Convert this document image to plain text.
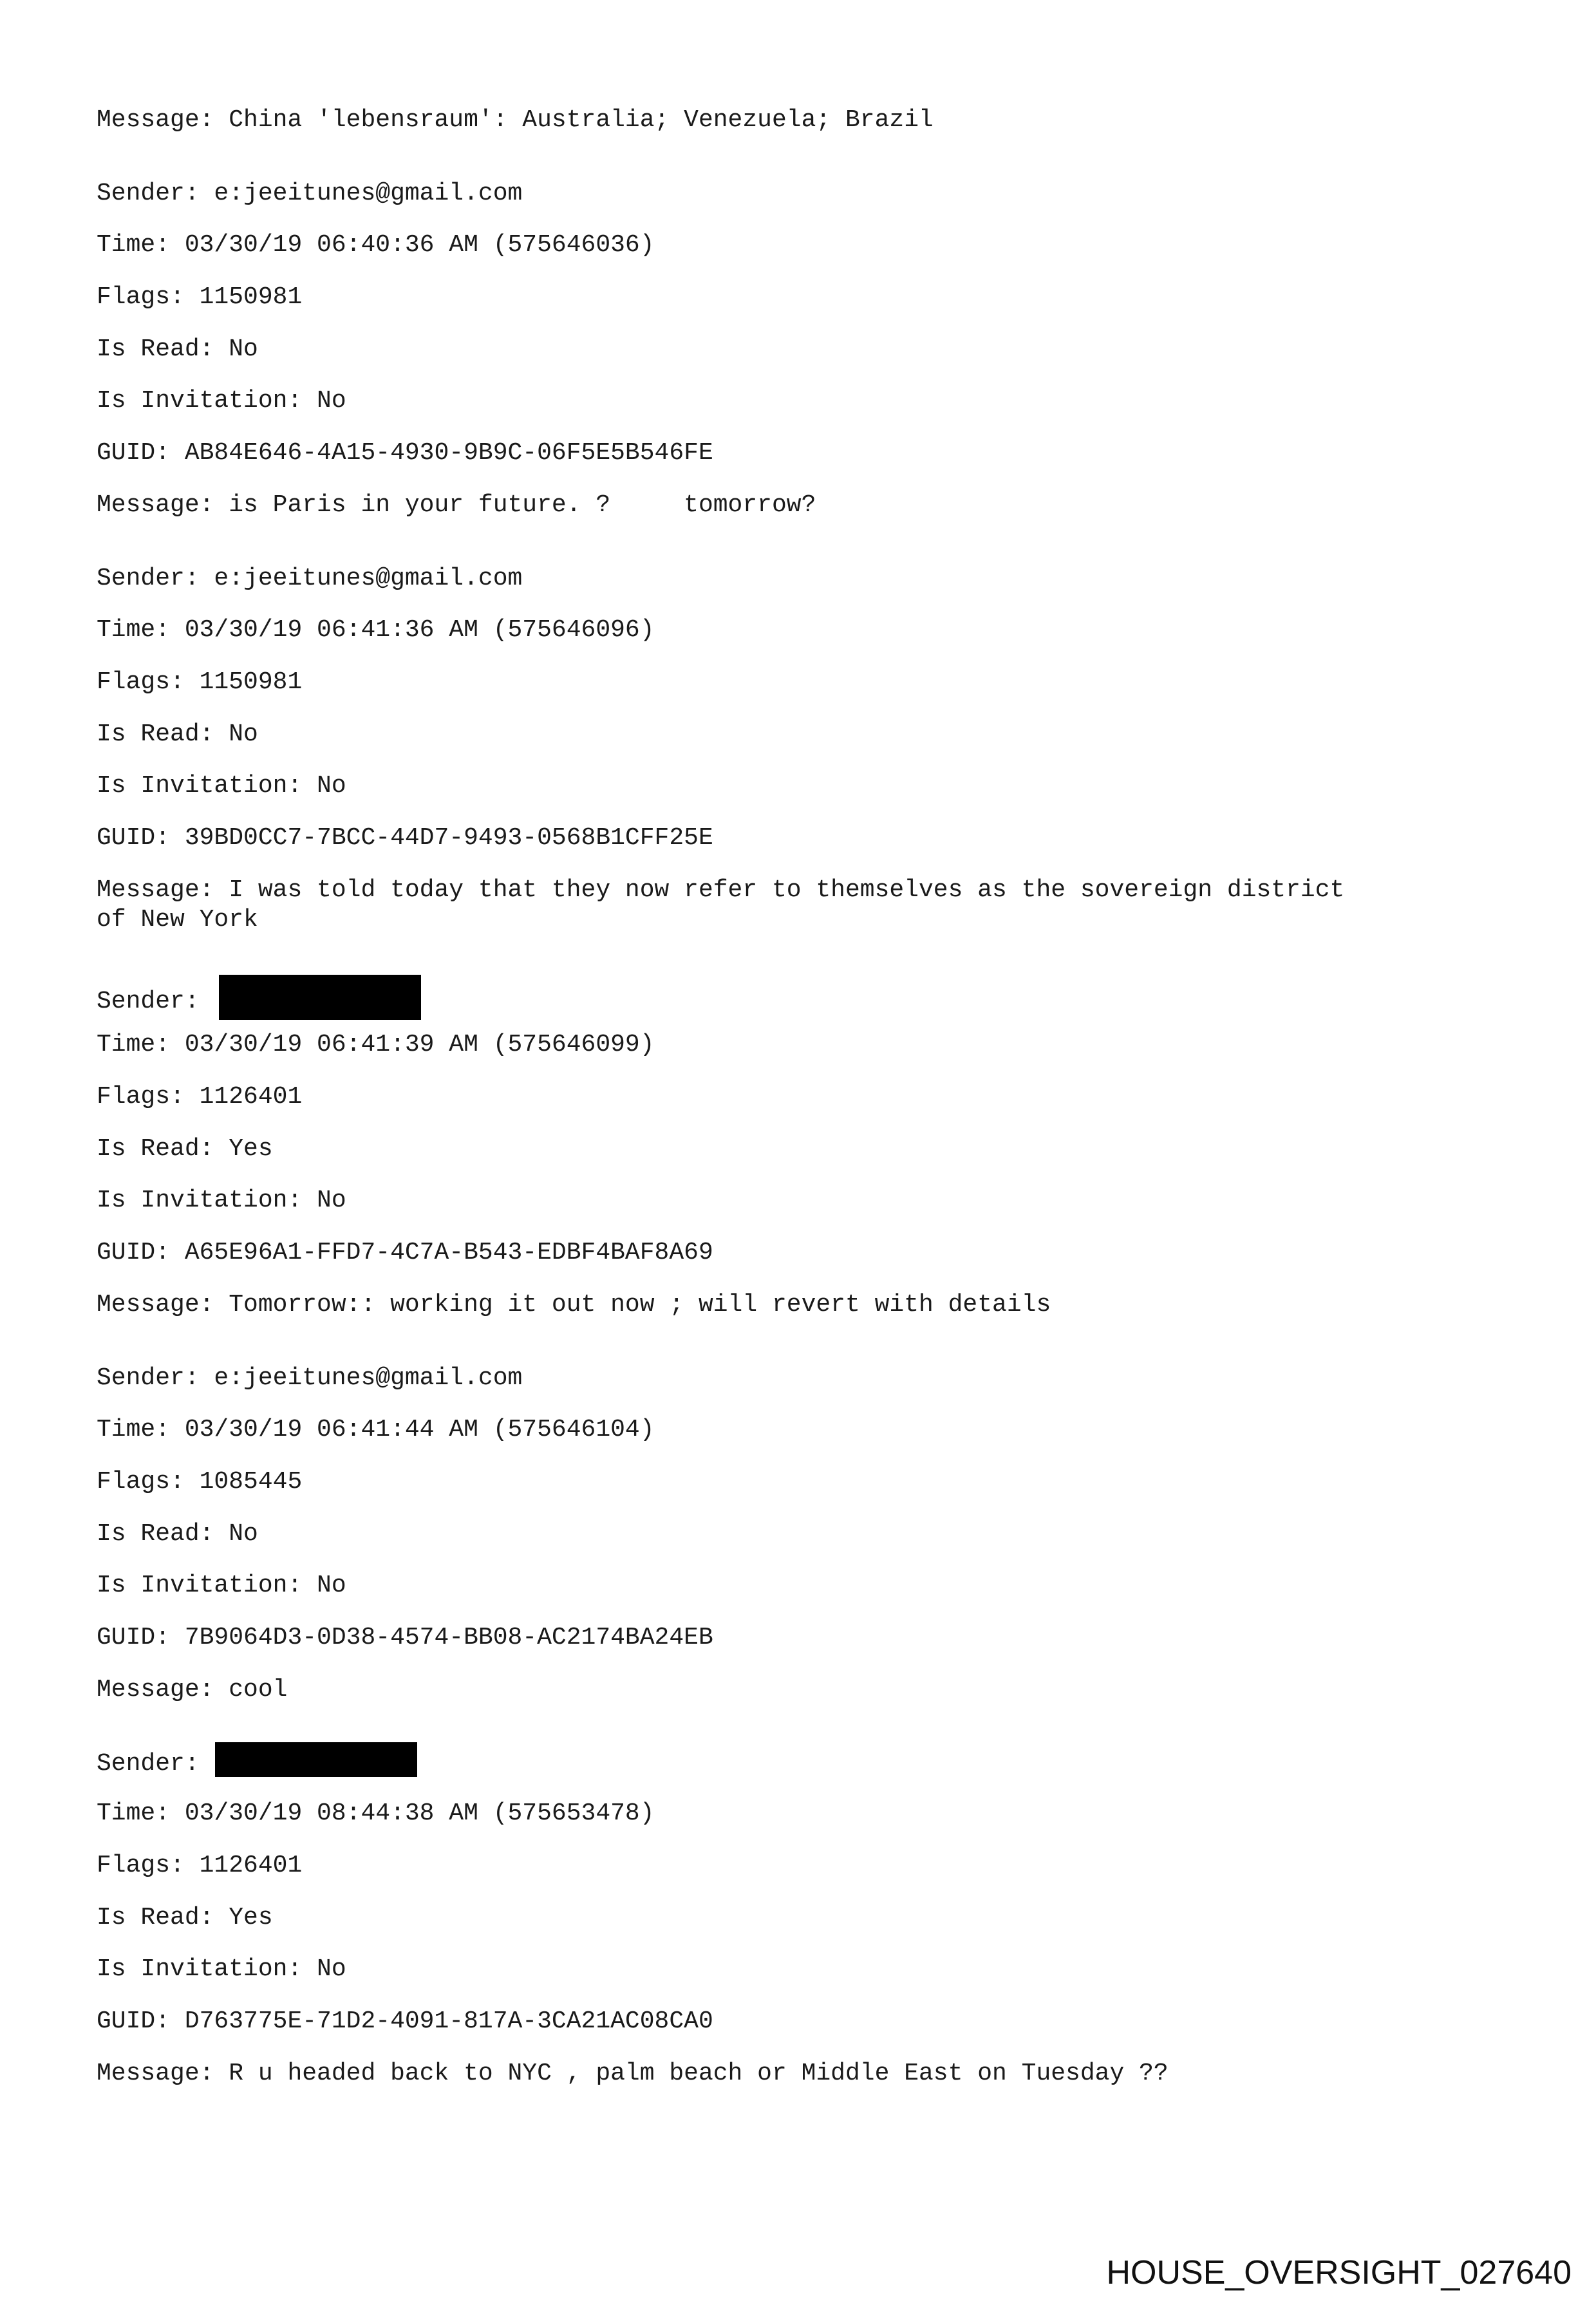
Message: China 'lebensraum': Australia; Venezuela; Brazil

Sender: e:jeeitunes@gmail.com

Time: 03/30/19 06:40:36 AM (575646036)

Flags: 1150981

Is Read: No

Is Invitation: No

GUID: AB84E646-4A15-4930-9B9C-06F5E5B546FE

Message: is Paris in your future. ?     tomorrow?

Sender: e:jeeitunes@gmail.com

Time: 03/30/19 06:41:36 AM (575646096)

Flags: 1150981

Is Read: No

Is Invitation: No

GUID: 39BD0CC7-7BCC-44D7-9493-0568B1CFF25E

Message: I was told today that they now refer to themselves as the sovereign district

of New York

Sender:

Time: 03/30/19 06:41:39 AM (575646099)

Flags: 1126401

Is Read: Yes

Is Invitation: No

GUID: A65E96A1-FFD7-4C7A-B543-EDBF4BAF8A69

Message: Tomorrow:: working it out now ; will revert with details

Sender: e:jeeitunes@gmail.com

Time: 03/30/19 06:41:44 AM (575646104)

Flags: 1085445

Is Read: No

Is Invitation: No

GUID: 7B9064D3-0D38-4574-BB08-AC2174BA24EB

Message: cool

Sender:

Time: 03/30/19 08:44:38 AM (575653478)

Flags: 1126401

Is Read: Yes

Is Invitation: No

GUID: D763775E-71D2-4091-817A-3CA21AC08CA0

Message: R u headed back to NYC , palm beach or Middle East on Tuesday ??

HOUSE_OVERSIGHT_027640
